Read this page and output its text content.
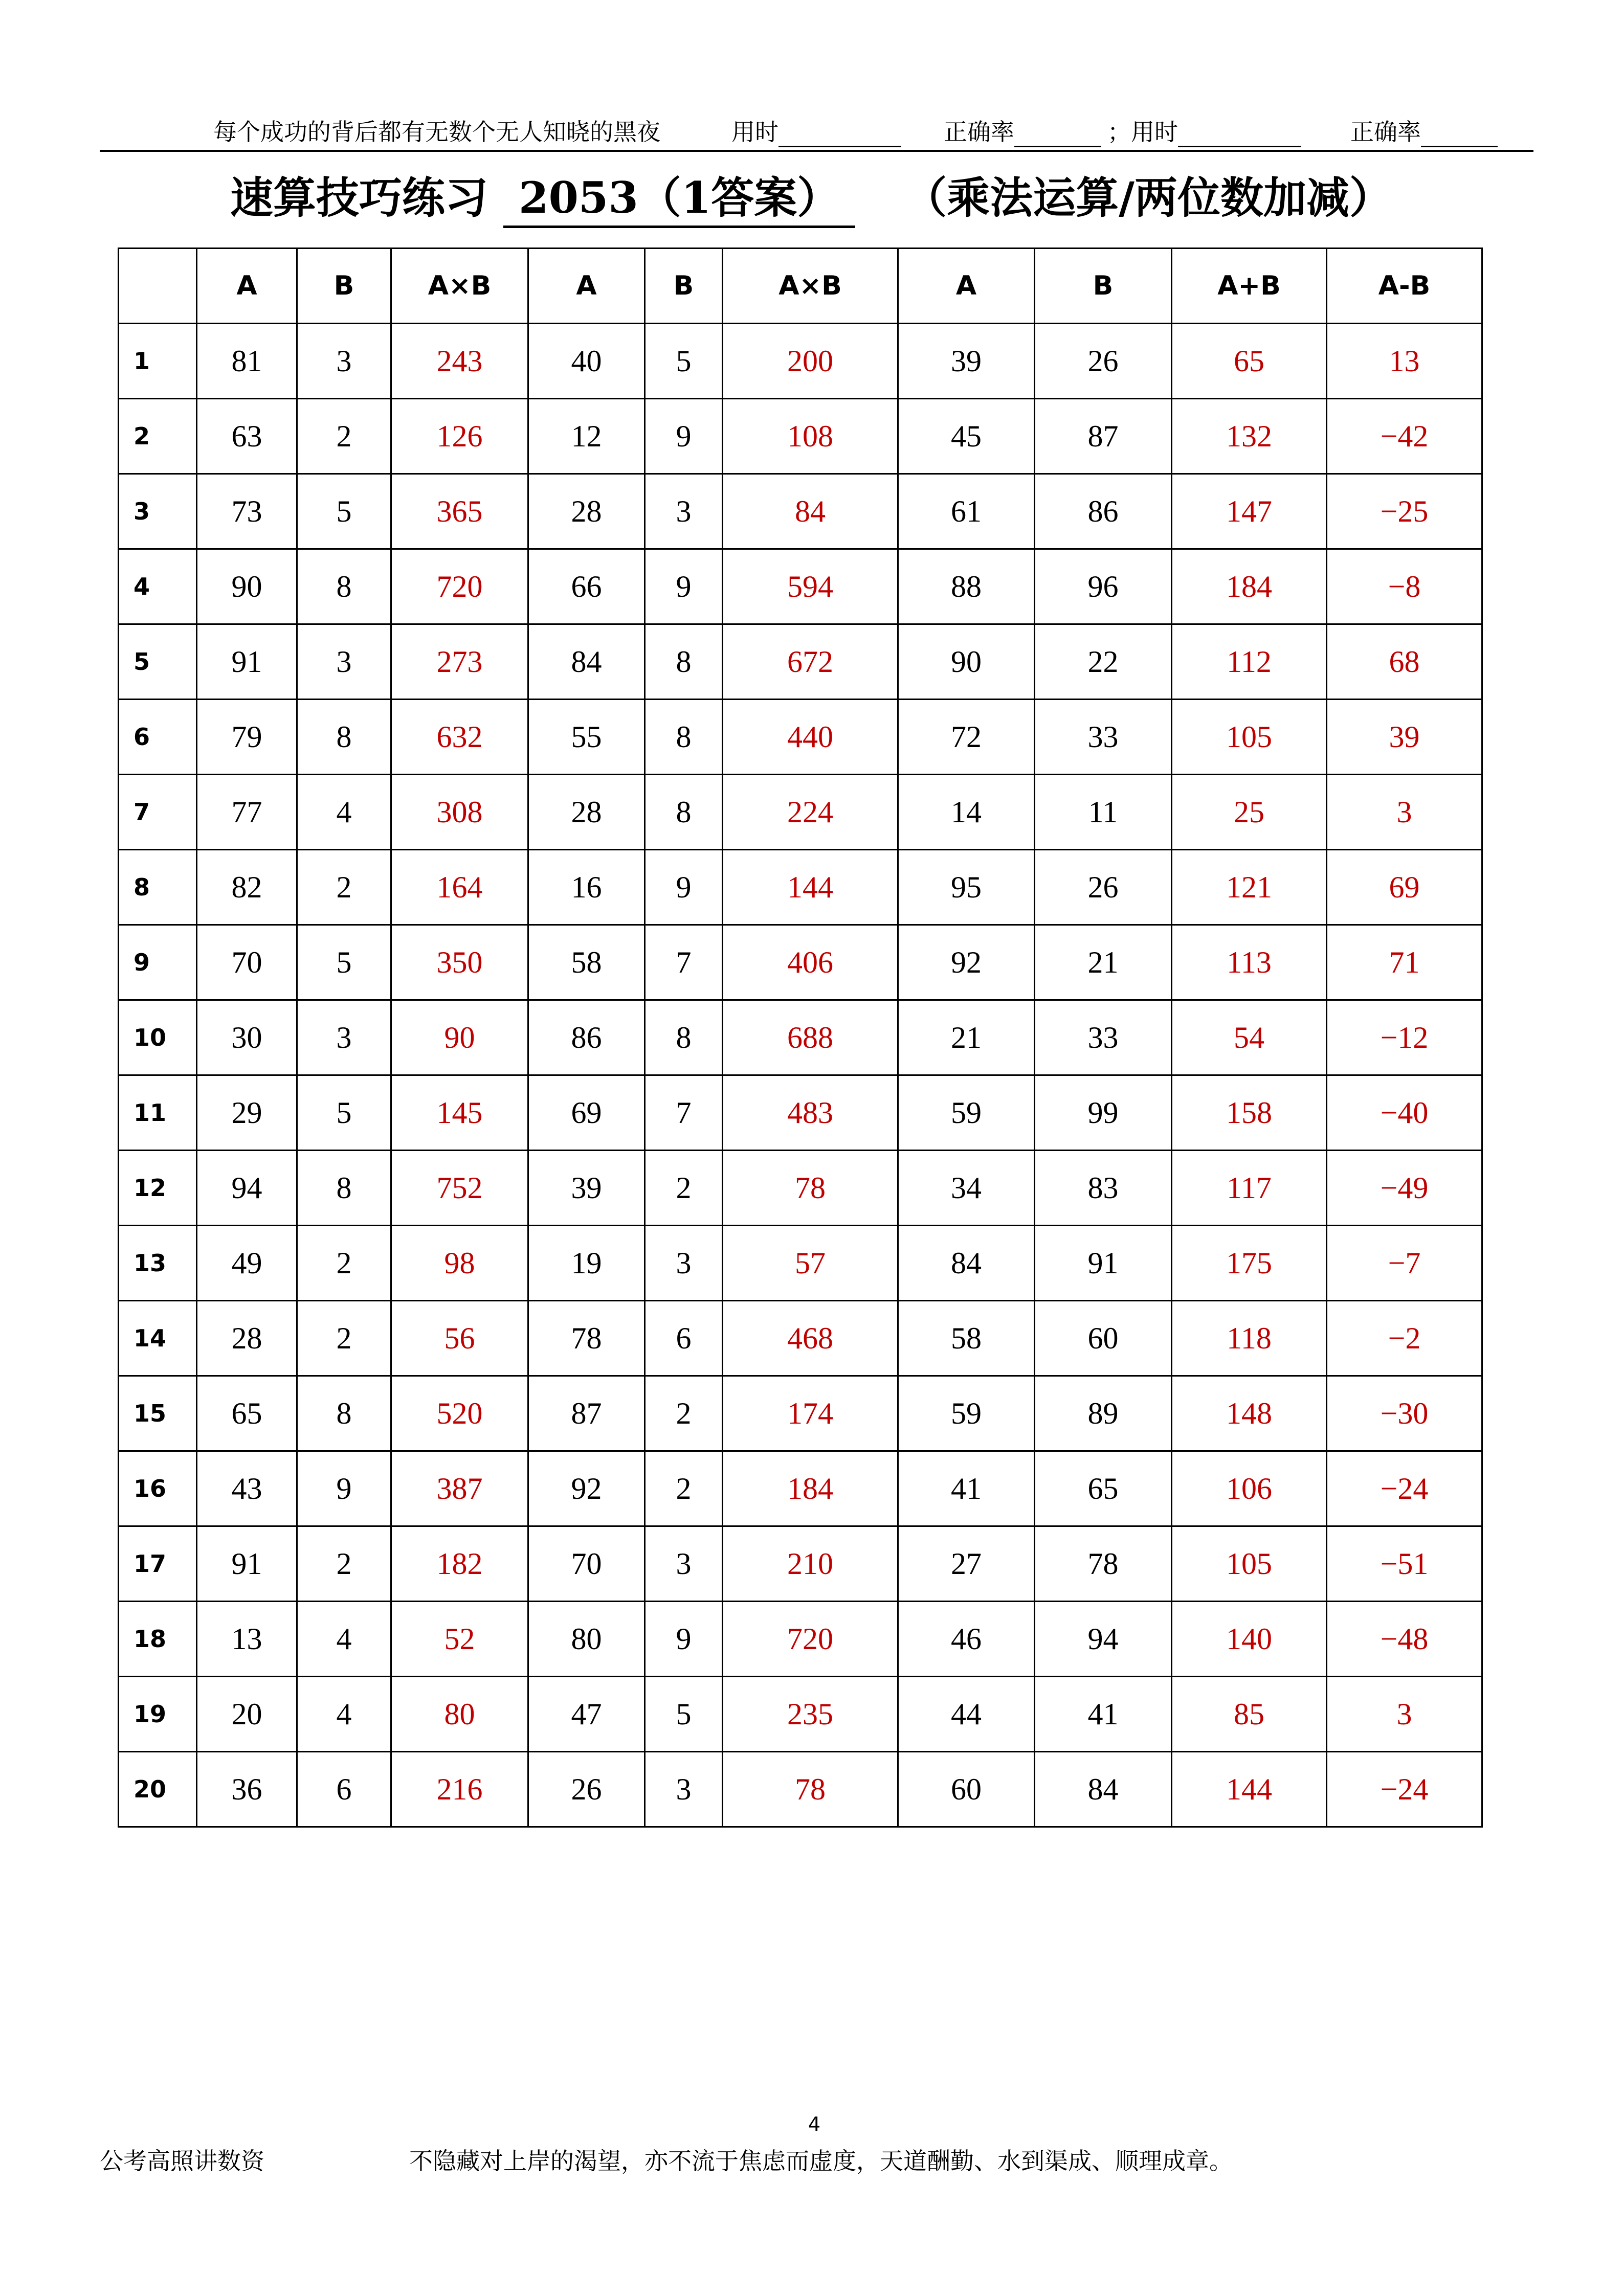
每个成功的背后都有无数个无人知晓的黑夜	用时	正确率	；用时	正确率
速算技巧练习 2053（1答案） （乘法运算/两位数加减）
	A	B	A×B	A	B	A×B	A	B	A+B	A-B
1	81	3	243	40	5	200	39	26	65	13
2	63	2	126	12	9	108	45	87	132	−42
3	73	5	365	28	3	84	61	86	147	−25
4	90	8	720	66	9	594	88	96	184	−8
5	91	3	273	84	8	672	90	22	112	68
6	79	8	632	55	8	440	72	33	105	39
7	77	4	308	28	8	224	14	11	25	3
8	82	2	164	16	9	144	95	26	121	69
9	70	5	350	58	7	406	92	21	113	71
10	30	3	90	86	8	688	21	33	54	−12
11	29	5	145	69	7	483	59	99	158	−40
12	94	8	752	39	2	78	34	83	117	−49
13	49	2	98	19	3	57	84	91	175	−7
14	28	2	56	78	6	468	58	60	118	−2
15	65	8	520	87	2	174	59	89	148	−30
16	43	9	387	92	2	184	41	65	106	−24
17	91	2	182	70	3	210	27	78	105	−51
18	13	4	52	80	9	720	46	94	140	−48
19	20	4	80	47	5	235	44	41	85	3
20	36	6	216	26	3	78	60	84	144	−24
4
公考高照讲数资	不隐藏对上岸的渴望，亦不流于焦虑而虚度，天道酬勤、水到渠成、顺理成章。
